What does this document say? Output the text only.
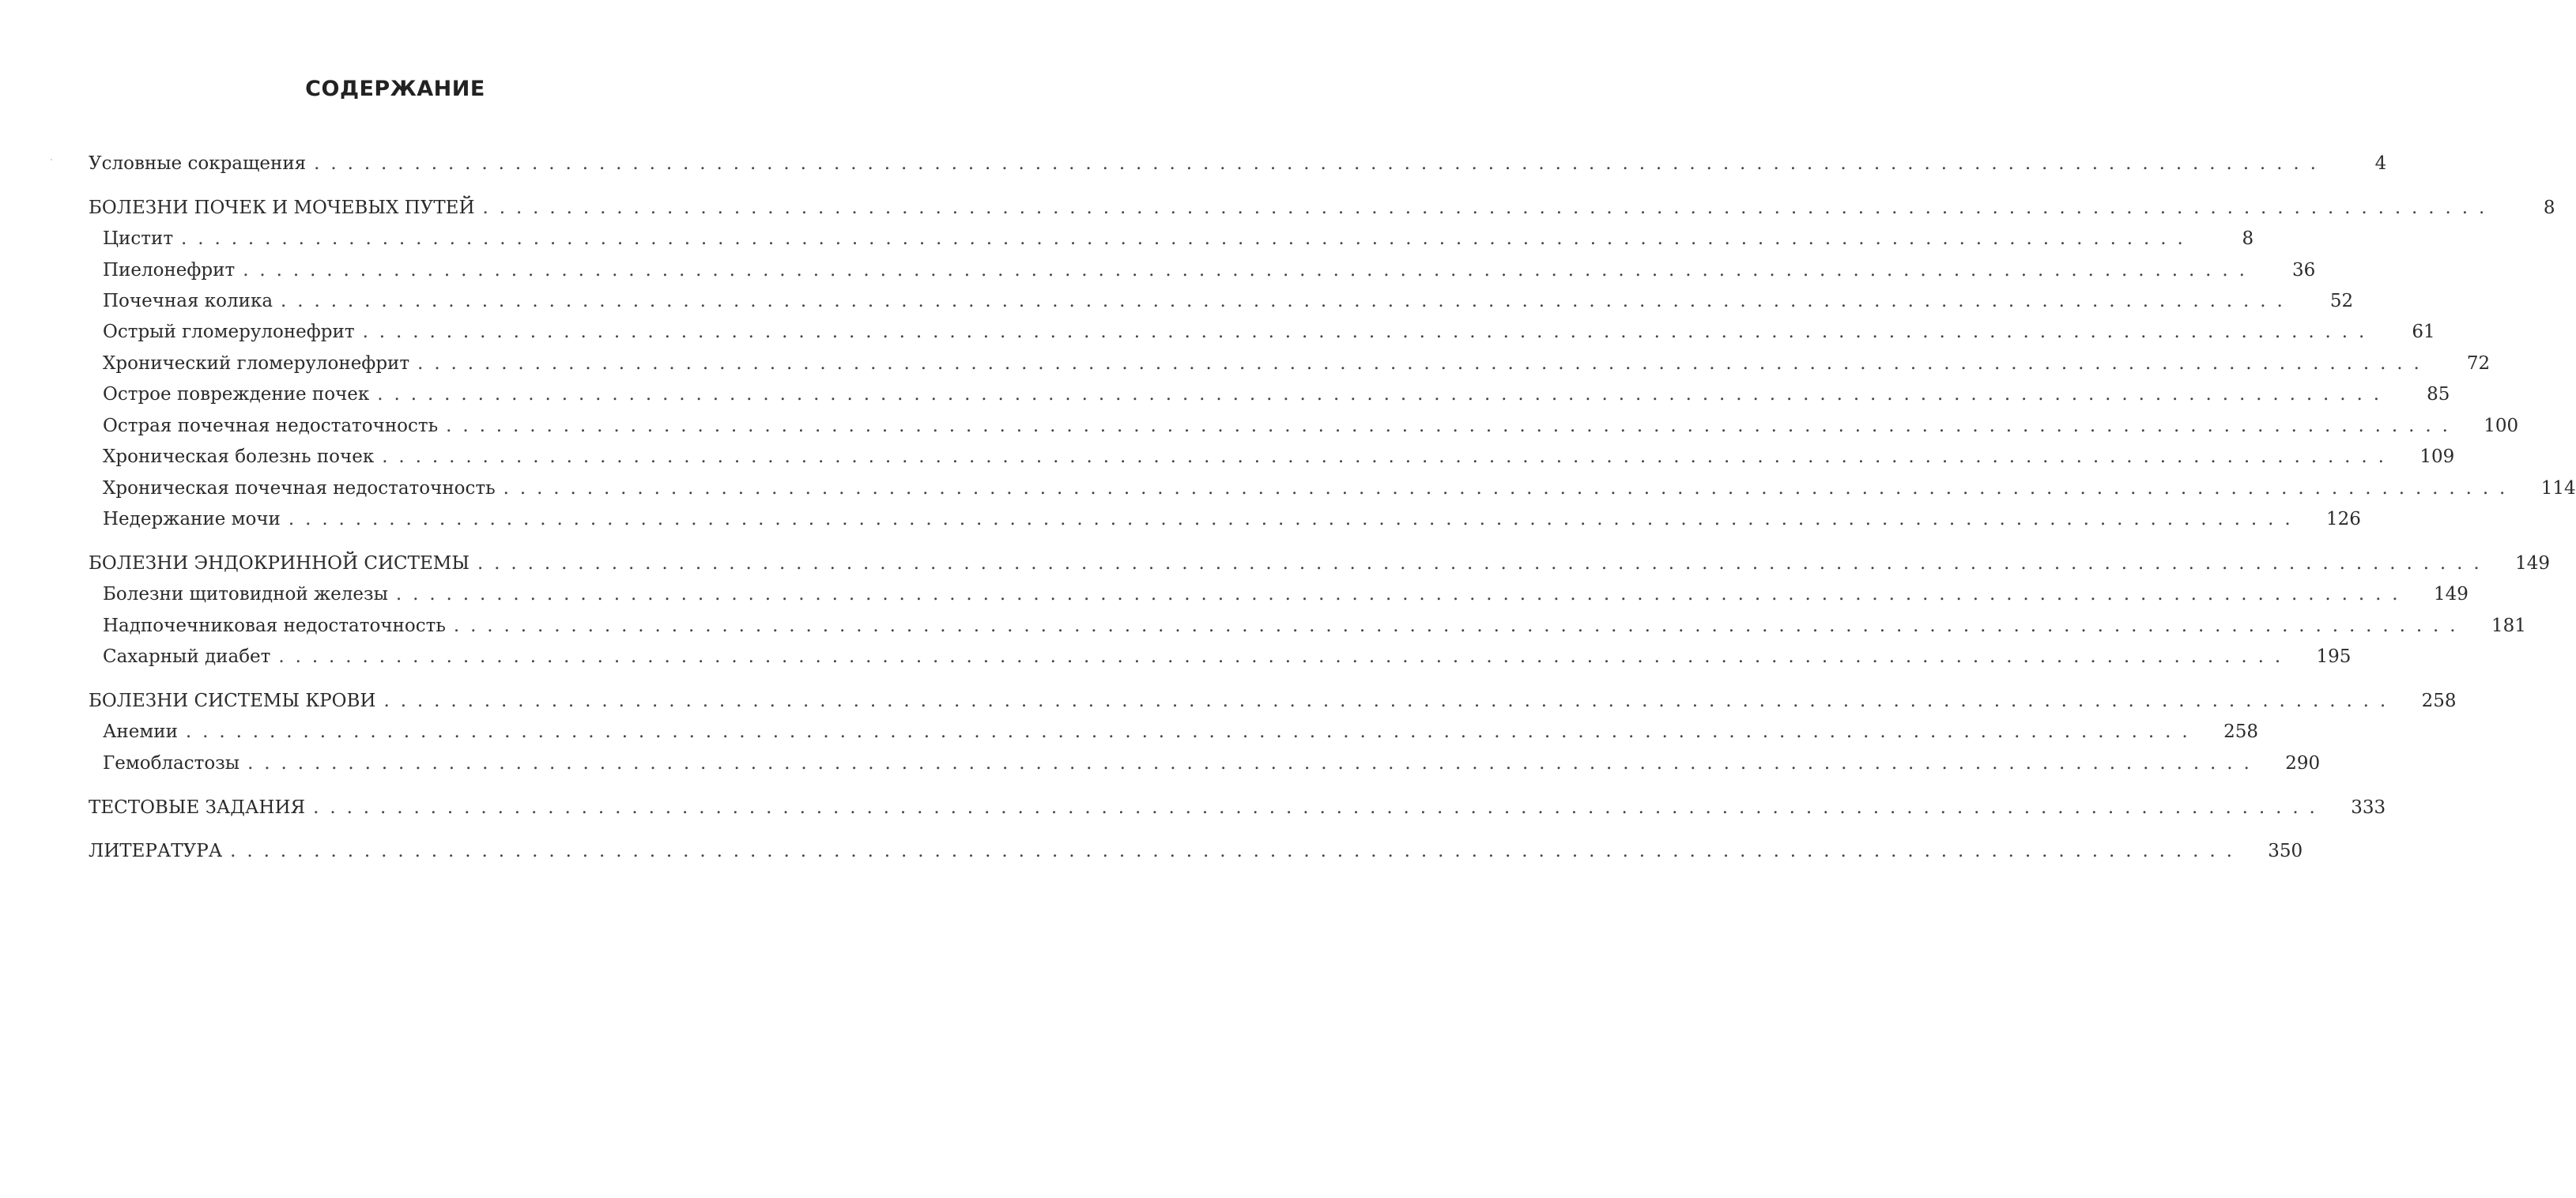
СОДЕРЖАНИЕ
Условные сокращения . . . . . . . . . . . . . . . . . . . . . . . . . . . . . . . . . . . . . . . . . . . . . . . . . . . . . . . . . . . . . . . . . . . . . . . . . . . . . . . . . . . . . . . . . . . . . . . . . . . . . . . . . . . . . . . . . . . . . . . .	4
БОЛЕЗНИ ПОЧЕК И МОЧЕВЫХ ПУТЕЙ . . . . . . . . . . . . . . . . . . . . . . . . . . . . . . . . . . . . . . . . . . . . . . . . . . . . . . . . . . . . . . . . . . . . . . . . . . . . . . . . . . . . . . . . . . . . . . . . . . . . . . . . . . . . . . . . . . . . . . . .	8
Цистит . . . . . . . . . . . . . . . . . . . . . . . . . . . . . . . . . . . . . . . . . . . . . . . . . . . . . . . . . . . . . . . . . . . . . . . . . . . . . . . . . . . . . . . . . . . . . . . . . . . . . . . . . . . . . . . . . . . . . . . .	8
Пиелонефрит . . . . . . . . . . . . . . . . . . . . . . . . . . . . . . . . . . . . . . . . . . . . . . . . . . . . . . . . . . . . . . . . . . . . . . . . . . . . . . . . . . . . . . . . . . . . . . . . . . . . . . . . . . . . . . . . . . . . . . . .	36
Почечная колика . . . . . . . . . . . . . . . . . . . . . . . . . . . . . . . . . . . . . . . . . . . . . . . . . . . . . . . . . . . . . . . . . . . . . . . . . . . . . . . . . . . . . . . . . . . . . . . . . . . . . . . . . . . . . . . . . . . . . . . .	52
Острый гломерулонефрит . . . . . . . . . . . . . . . . . . . . . . . . . . . . . . . . . . . . . . . . . . . . . . . . . . . . . . . . . . . . . . . . . . . . . . . . . . . . . . . . . . . . . . . . . . . . . . . . . . . . . . . . . . . . . . . . . . . . . . . .	61
Хронический гломерулонефрит . . . . . . . . . . . . . . . . . . . . . . . . . . . . . . . . . . . . . . . . . . . . . . . . . . . . . . . . . . . . . . . . . . . . . . . . . . . . . . . . . . . . . . . . . . . . . . . . . . . . . . . . . . . . . . . . . . . . . . . .	72
Острое повреждение почек . . . . . . . . . . . . . . . . . . . . . . . . . . . . . . . . . . . . . . . . . . . . . . . . . . . . . . . . . . . . . . . . . . . . . . . . . . . . . . . . . . . . . . . . . . . . . . . . . . . . . . . . . . . . . . . . . . . . . . . .	85
Острая почечная недостаточность . . . . . . . . . . . . . . . . . . . . . . . . . . . . . . . . . . . . . . . . . . . . . . . . . . . . . . . . . . . . . . . . . . . . . . . . . . . . . . . . . . . . . . . . . . . . . . . . . . . . . . . . . . . . . . . . . . . . . . . .	100
Хроническая болезнь почек . . . . . . . . . . . . . . . . . . . . . . . . . . . . . . . . . . . . . . . . . . . . . . . . . . . . . . . . . . . . . . . . . . . . . . . . . . . . . . . . . . . . . . . . . . . . . . . . . . . . . . . . . . . . . . . . . . . . . . . .	109
Хроническая почечная недостаточность . . . . . . . . . . . . . . . . . . . . . . . . . . . . . . . . . . . . . . . . . . . . . . . . . . . . . . . . . . . . . . . . . . . . . . . . . . . . . . . . . . . . . . . . . . . . . . . . . . . . . . . . . . . . . . . . . . . . . . . .	114
Недержание мочи . . . . . . . . . . . . . . . . . . . . . . . . . . . . . . . . . . . . . . . . . . . . . . . . . . . . . . . . . . . . . . . . . . . . . . . . . . . . . . . . . . . . . . . . . . . . . . . . . . . . . . . . . . . . . . . . . . . . . . . .	126
БОЛЕЗНИ ЭНДОКРИННОЙ СИСТЕМЫ . . . . . . . . . . . . . . . . . . . . . . . . . . . . . . . . . . . . . . . . . . . . . . . . . . . . . . . . . . . . . . . . . . . . . . . . . . . . . . . . . . . . . . . . . . . . . . . . . . . . . . . . . . . . . . . . . . . . . . . .	149
Болезни щитовидной железы . . . . . . . . . . . . . . . . . . . . . . . . . . . . . . . . . . . . . . . . . . . . . . . . . . . . . . . . . . . . . . . . . . . . . . . . . . . . . . . . . . . . . . . . . . . . . . . . . . . . . . . . . . . . . . . . . . . . . . . .	149
Надпочечниковая недостаточность . . . . . . . . . . . . . . . . . . . . . . . . . . . . . . . . . . . . . . . . . . . . . . . . . . . . . . . . . . . . . . . . . . . . . . . . . . . . . . . . . . . . . . . . . . . . . . . . . . . . . . . . . . . . . . . . . . . . . . . .	181
Сахарный диабет . . . . . . . . . . . . . . . . . . . . . . . . . . . . . . . . . . . . . . . . . . . . . . . . . . . . . . . . . . . . . . . . . . . . . . . . . . . . . . . . . . . . . . . . . . . . . . . . . . . . . . . . . . . . . . . . . . . . . . . .	195
БОЛЕЗНИ СИСТЕМЫ КРОВИ . . . . . . . . . . . . . . . . . . . . . . . . . . . . . . . . . . . . . . . . . . . . . . . . . . . . . . . . . . . . . . . . . . . . . . . . . . . . . . . . . . . . . . . . . . . . . . . . . . . . . . . . . . . . . . . . . . . . . . . .	258
Анемии . . . . . . . . . . . . . . . . . . . . . . . . . . . . . . . . . . . . . . . . . . . . . . . . . . . . . . . . . . . . . . . . . . . . . . . . . . . . . . . . . . . . . . . . . . . . . . . . . . . . . . . . . . . . . . . . . . . . . . . .	258
Гемобластозы . . . . . . . . . . . . . . . . . . . . . . . . . . . . . . . . . . . . . . . . . . . . . . . . . . . . . . . . . . . . . . . . . . . . . . . . . . . . . . . . . . . . . . . . . . . . . . . . . . . . . . . . . . . . . . . . . . . . . . . .	290
ТЕСТОВЫЕ ЗАДАНИЯ . . . . . . . . . . . . . . . . . . . . . . . . . . . . . . . . . . . . . . . . . . . . . . . . . . . . . . . . . . . . . . . . . . . . . . . . . . . . . . . . . . . . . . . . . . . . . . . . . . . . . . . . . . . . . . . . . . . . . . . .	333
ЛИТЕРАТУРА . . . . . . . . . . . . . . . . . . . . . . . . . . . . . . . . . . . . . . . . . . . . . . . . . . . . . . . . . . . . . . . . . . . . . . . . . . . . . . . . . . . . . . . . . . . . . . . . . . . . . . . . . . . . . . . . . . . . . . . .	350
